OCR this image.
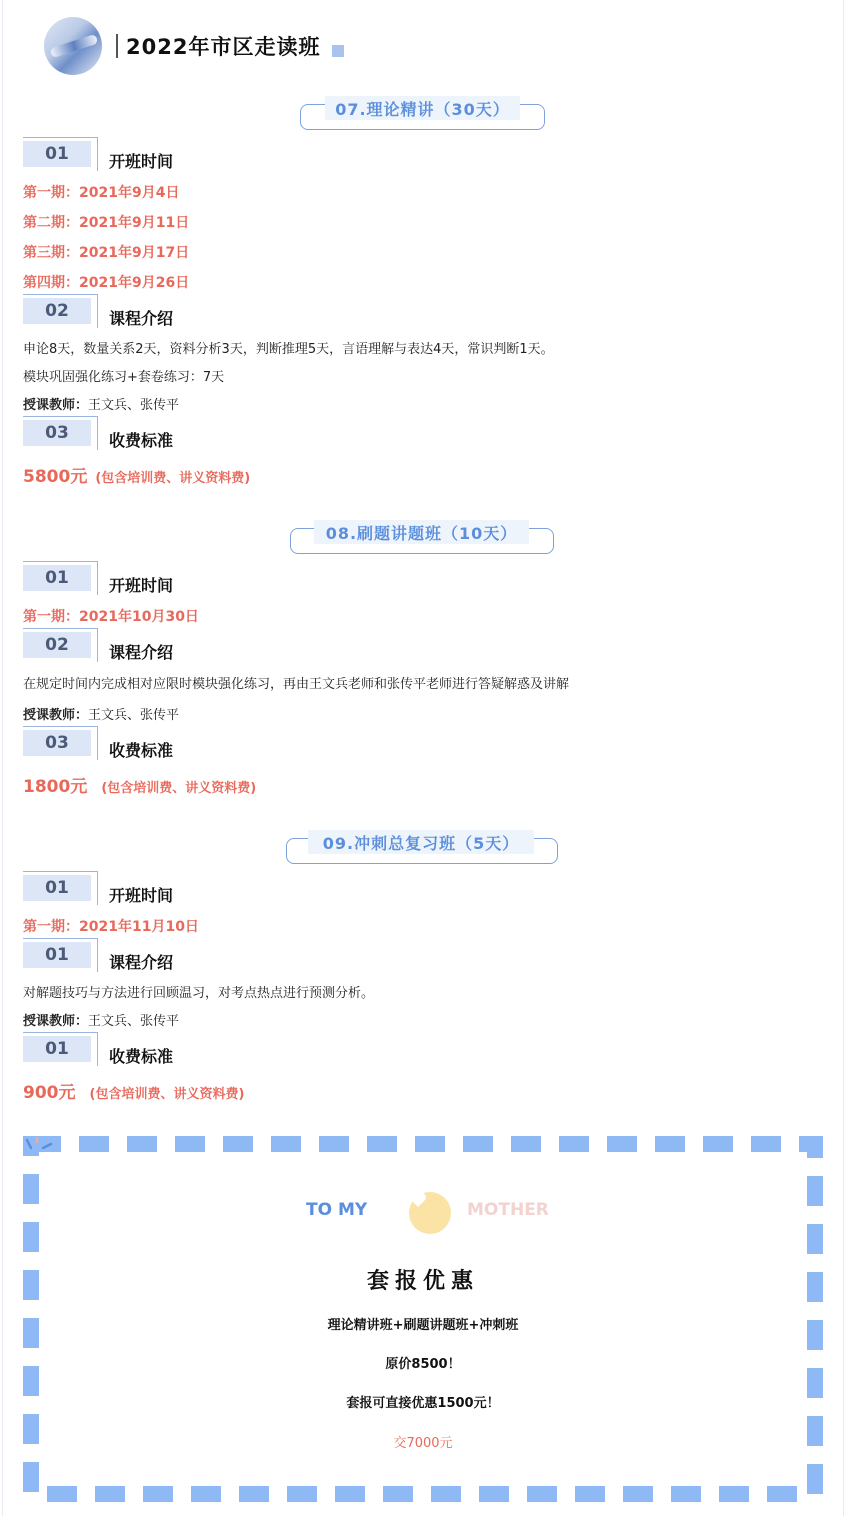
2022年市区走读班
07.理论精讲（30天）
01	开班时间
第一期：2021年9月4日
第二期：2021年9月11日
第三期：2021年9月17日
第四期：2021年9月26日
02	课程介绍
申论8天，数量关系2天，资料分析3天，判断推理5天，言语理解与表达4天，常识判断1天。
模块巩固强化练习+套卷练习：7天
授课教师：王文兵、张传平
03	收费标准
5800元 (包含培训费、讲义资料费)
08.刷题讲题班（10天）
01	开班时间
第一期：2021年10月30日
02	课程介绍
在规定时间内完成相对应限时模块强化练习，再由王文兵老师和张传平老师进行答疑解惑及讲解
授课教师：王文兵、张传平
03	收费标准
1800元 (包含培训费、讲义资料费)
09.冲刺总复习班（5天）
01	开班时间
第一期：2021年11月10日
01	课程介绍
对解题技巧与方法进行回顾温习，对考点热点进行预测分析。
授课教师：王文兵、张传平
01	收费标准
900元 (包含培训费、讲义资料费)
TO MY	MOTHER
套报优惠
理论精讲班+刷题讲题班+冲刺班
原价8500！
套报可直接优惠1500元！
交7000元
